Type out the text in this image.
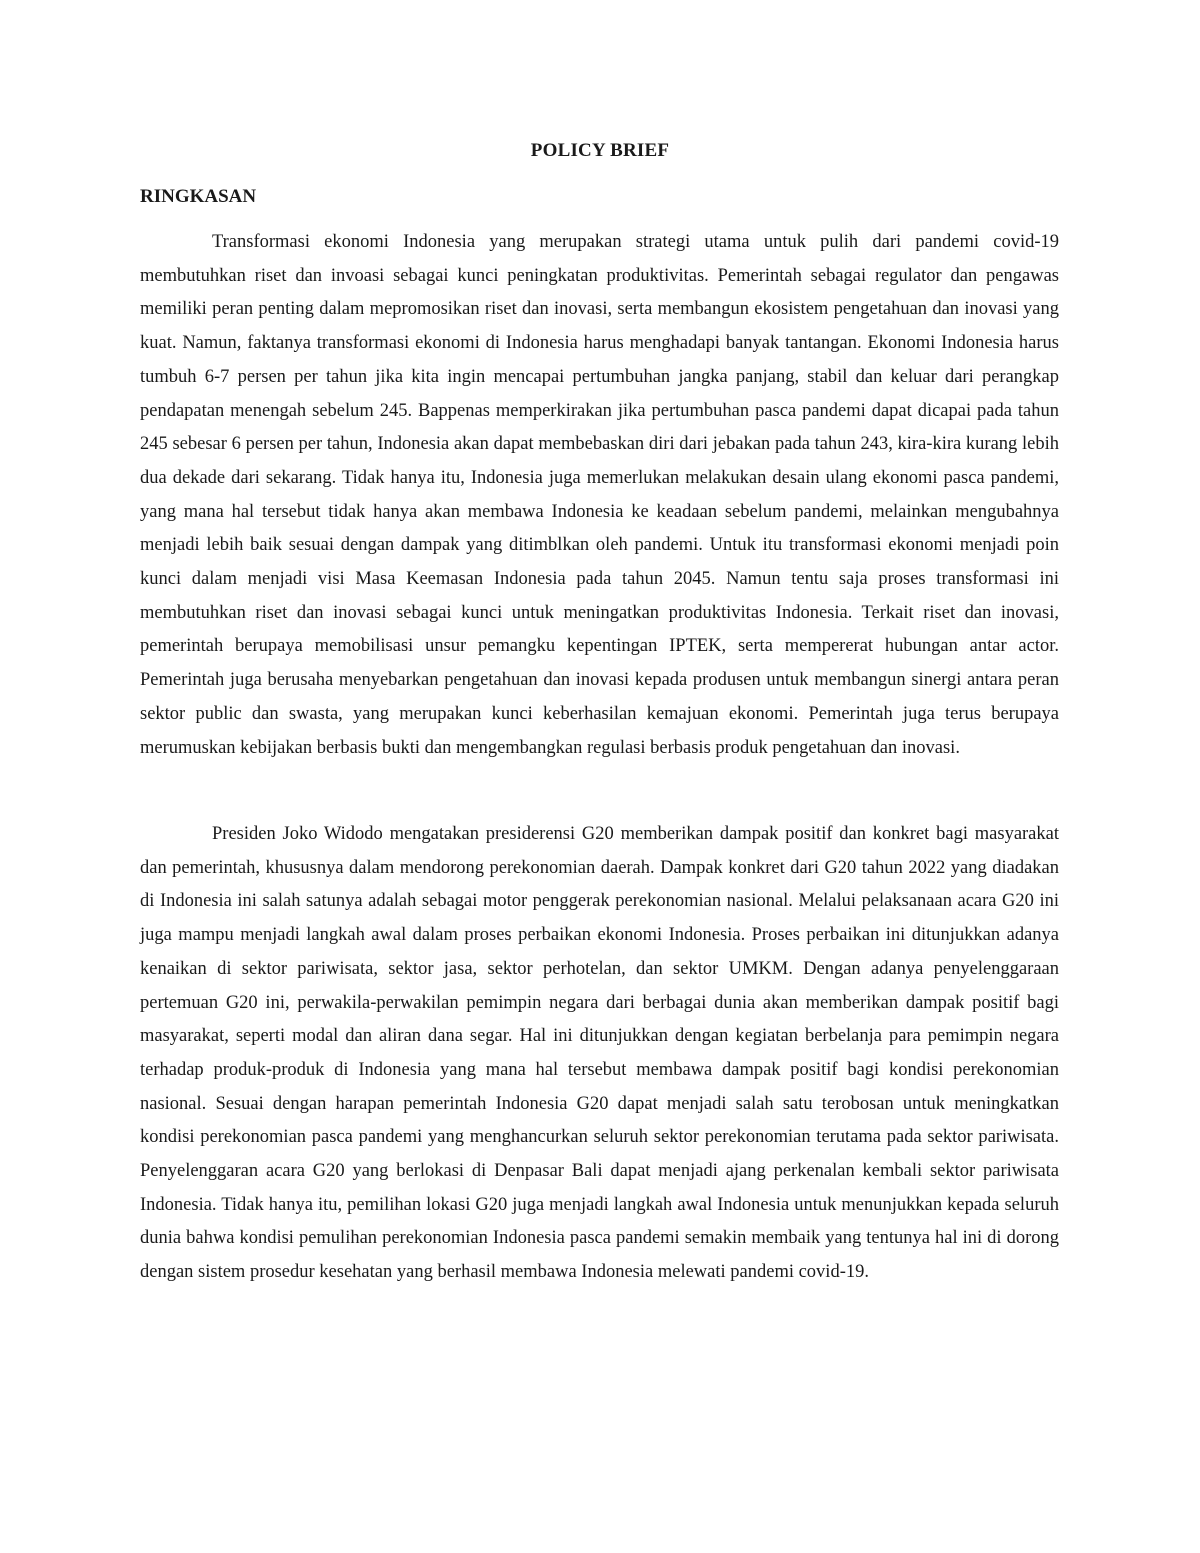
POLICY BRIEF
RINGKASAN

Transformasi ekonomi Indonesia yang merupakan strategi utama untuk pulih dari pandemi covid-19 membutuhkan riset dan invoasi sebagai kunci peningkatan produktivitas. Pemerintah sebagai regulator dan pengawas memiliki peran penting dalam mepromosikan riset dan inovasi, serta membangun ekosistem pengetahuan dan inovasi yang kuat. Namun, faktanya transformasi ekonomi di Indonesia harus menghadapi banyak tantangan. Ekonomi Indonesia harus tumbuh 6-7 persen per tahun jika kita ingin mencapai pertumbuhan jangka panjang, stabil dan keluar dari perangkap pendapatan menengah sebelum 245. Bappenas memperkirakan jika pertumbuhan pasca pandemi dapat dicapai pada tahun 245 sebesar 6 persen per tahun, Indonesia akan dapat membebaskan diri dari jebakan pada tahun 243, kira-kira kurang lebih dua dekade dari sekarang. Tidak hanya itu, Indonesia juga memerlukan melakukan desain ulang ekonomi pasca pandemi, yang mana hal tersebut tidak hanya akan membawa Indonesia ke keadaan sebelum pandemi, melainkan mengubahnya menjadi lebih baik sesuai dengan dampak yang ditimblkan oleh pandemi. Untuk itu transformasi ekonomi menjadi poin kunci dalam menjadi visi Masa Keemasan Indonesia pada tahun 2045. Namun tentu saja proses transformasi ini membutuhkan riset dan inovasi sebagai kunci untuk meningatkan produktivitas Indonesia. Terkait riset dan inovasi, pemerintah berupaya memobilisasi unsur pemangku kepentingan IPTEK, serta mempererat hubungan antar actor. Pemerintah juga berusaha menyebarkan pengetahuan dan inovasi kepada produsen untuk membangun sinergi antara peran sektor public dan swasta, yang merupakan kunci keberhasilan kemajuan ekonomi. Pemerintah juga terus berupaya merumuskan kebijakan berbasis bukti dan mengembangkan regulasi berbasis produk pengetahuan dan inovasi.

Presiden Joko Widodo mengatakan presiderensi G20 memberikan dampak positif dan konkret bagi masyarakat dan pemerintah, khususnya dalam mendorong perekonomian daerah. Dampak konkret dari G20 tahun 2022 yang diadakan di Indonesia ini salah satunya adalah sebagai motor penggerak perekonomian nasional. Melalui pelaksanaan acara G20 ini juga mampu menjadi langkah awal dalam proses perbaikan ekonomi Indonesia. Proses perbaikan ini ditunjukkan adanya kenaikan di sektor pariwisata, sektor jasa, sektor perhotelan, dan sektor UMKM. Dengan adanya penyelenggaraan pertemuan G20 ini, perwakila-perwakilan pemimpin negara dari berbagai dunia akan memberikan dampak positif bagi masyarakat, seperti modal dan aliran dana segar. Hal ini ditunjukkan dengan kegiatan berbelanja para pemimpin negara terhadap produk-produk di Indonesia yang mana hal tersebut membawa dampak positif bagi kondisi perekonomian nasional. Sesuai dengan harapan pemerintah Indonesia G20 dapat menjadi salah satu terobosan untuk meningkatkan kondisi perekonomian pasca pandemi yang menghancurkan seluruh sektor perekonomian terutama pada sektor pariwisata. Penyelenggaran acara G20 yang berlokasi di Denpasar Bali dapat menjadi ajang perkenalan kembali sektor pariwisata Indonesia. Tidak hanya itu, pemilihan lokasi G20 juga menjadi langkah awal Indonesia untuk menunjukkan kepada seluruh dunia bahwa kondisi pemulihan perekonomian Indonesia pasca pandemi semakin membaik yang tentunya hal ini di dorong dengan sistem prosedur kesehatan yang berhasil membawa Indonesia melewati pandemi covid-19.
